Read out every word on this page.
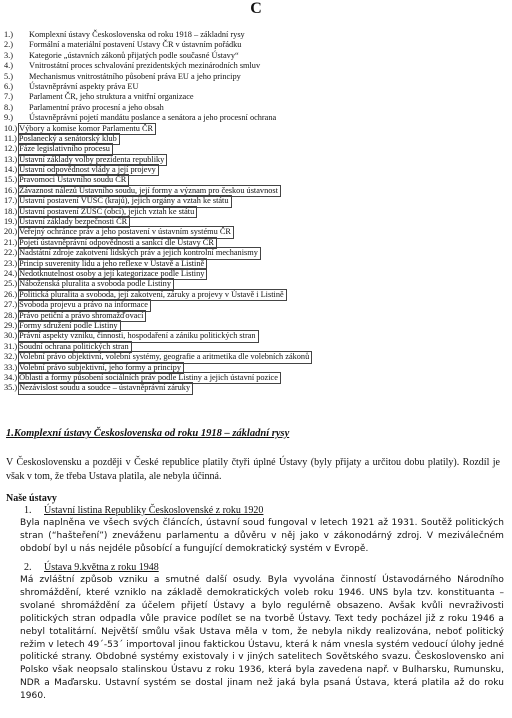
C
1.)	Komplexní ústavy Československa od roku 1918 – základní rysy
2.)	Formální a materiální postavení Ustavy ČR v ústavním pořádku
3.)	Kategorie „ústavních zákonů přijatých podle současné Ústavy“
4.)	Vnitrostátní proces schvalování prezidentských mezinárodních smluv
5.)	Mechanismus vnitrostátního působení práva EU a jeho principy
6.)	Ústavněprávní aspekty práva EU
7.)	Parlament ČR, jeho struktura a vnitřní organizace
8.)	Parlamentní právo procesní a jeho obsah
9.)	Ústavněprávní pojetí mandátu poslance a senátora a jeho procesní ochrana
10.) Výbory a komise komor Parlamentu ČR
11.) Poslanecký a senátorský klub
12.) Fáze legislativního procesu
13.) Ustavní základy volby prezidenta republiky
14.) Ustavní odpovědnost vlády a její projevy
15.) Pravomoci Ustavního soudu ČR
16.) Závaznost nálezů Ústavního soudu, její formy a význam pro českou ústavnost
17.) Ustavní postavení VÚSC (krajů), jejich orgány a vztah ke státu
18.) Ustavní postavení ZÚSC (obcí), jejich vztah ke státu
19.) Ustavní základy bezpečnosti ČR
20.) Veřejný ochránce práv a jeho postavení v ústavním systému ČR
21.) Pojetí ústavněprávní odpovědnosti a sankcí dle Ústavy ČR
22.) Nadstátní zdroje zakotvení lidských práv a jejich kontrolní mechanismy
23.) Princip suverenity lidu a jeho reflexe v Ustavě a Listině
24.) Nedotknutelnost osoby a její kategorizace podle Listiny
25.) Náboženská pluralita a svoboda podle Listiny
26.) Politická pluralita a svoboda, její zakotvení, záruky a projevy v Ústavě i Listině
27.) Svoboda projevu a právo na informace
28.) Právo petiční a právo shromažďovací
29.) Formy sdružení podle Listiny
30.) Právní aspekty vzniku, činnosti, hospodaření a zániku politických stran
31.) Soudní ochrana politických stran
32.) Volební právo objektivní, volební systémy, geografie a aritmetika dle volebních zákonů
33.) Volební právo subjektivní, jeho formy a principy
34.) Oblasti a formy působení sociálních práv podle Listiny a jejich ústavní pozice
35.) Nezávislost soudu a soudce – ústavněprávní záruky
1.Komplexní ústavy Československa od roku 1918 – základní rysy
V Československu a později v České republice platily čtyři úplné Ústavy (byly přijaty a určitou dobu platily). Rozdíl je však v tom, že třeba Ustava platila, ale nebyla účinná.
Naše ústavy
1. Ústavní listina Republiky Československé z roku 1920
Byla naplněna ve všech svých článcích, ústavní soud fungoval v letech 1921 až 1931. Soutěž politických stran (“hašteření”) zneváženu parlamentu a důvěru v něj jako v zákonodárný zdroj. V meziválečném období byl u nás nejdéle působící a fungující demokratický systém v Evropě.
2. Ústava 9.května z roku 1948
Má zvláštní způsob vzniku a smutné další osudy. Byla vyvolána činností Ústavodárného Národního shromáždění, které vzniklo na základě demokratických voleb roku 1946. UNS byla tzv. konstituanta – svolané shromáždění za účelem přijetí Ústavy a bylo regulérně obsazeno. Avšak kvůli nevraživosti politických stran odpadla vůle pravice podílet se na tvorbě Ústavy. Text tedy pocházel již z roku 1946 a nebyl totalitární. Největší smůlu však Ustava měla v tom, že nebyla nikdy realizována, neboť politický režim v letech 49´-53´ importoval jinou faktickou Ústavu, která k nám vnesla systém vedoucí úlohy jedné politické strany. Obdobné systémy existovaly i v jiných satelitech Sovětského svazu. Československo ani Polsko však neopsalo stalinskou Ústavu z roku 1936, která byla zavedena např. v Bulharsku, Rumunsku, NDR a Maďarsku. Ustavní systém se dostal jinam než jaká byla psaná Ústava, která platila až do roku 1960.
